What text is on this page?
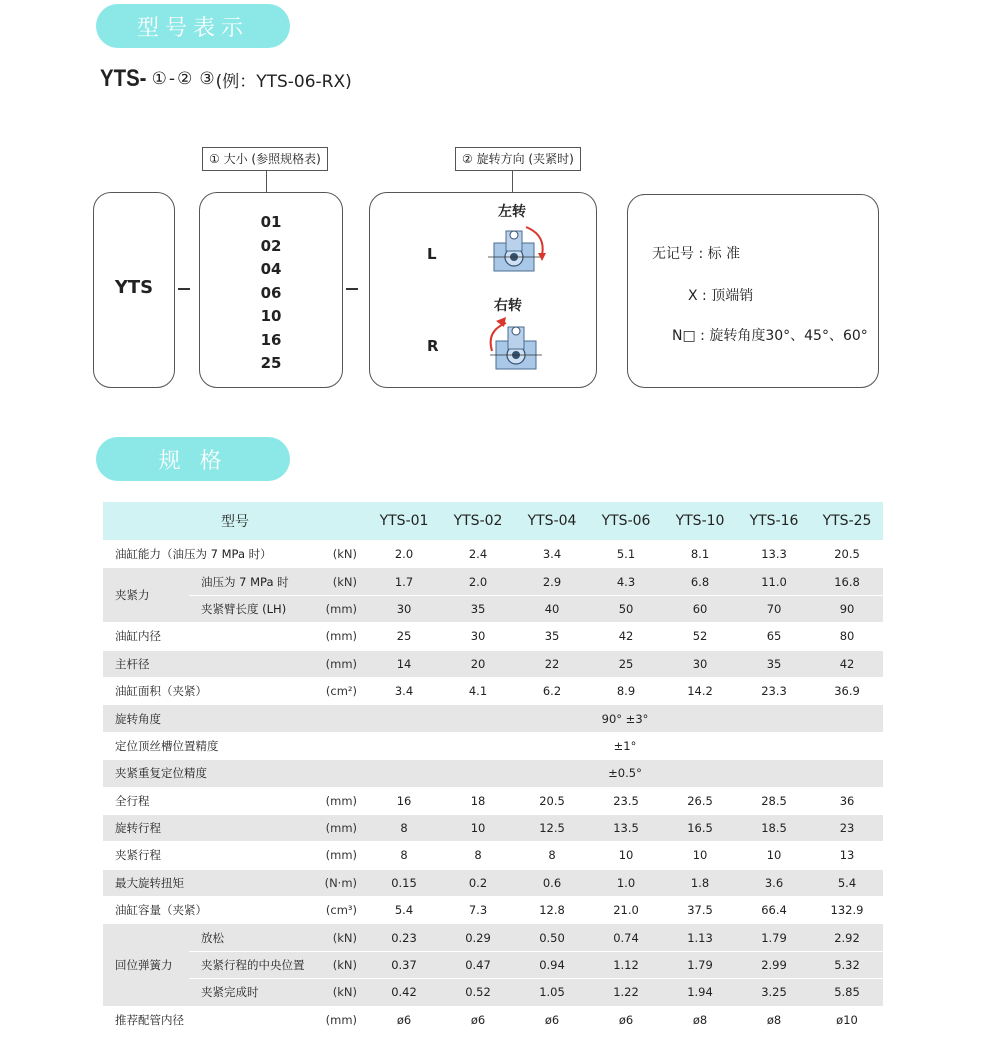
型号表示
YTS- ① - ② ③ (例：YTS-06-RX)
YTS
① 大小 (参照规格表)
01
02
04
06
10
16
25
② 旋转方向 (夹紧时)
左转
L
右转
R
无记号 : 标 准
X : 顶端销
N□ : 旋转角度30°、45°、60°
规 格
型号			YTS-01	YTS-02	YTS-04	YTS-06	YTS-10	YTS-16	YTS-25
油缸能力（油压为 7 MPa 时）		(kN)	2.0	2.4	3.4	5.1	8.1	13.3	20.5
夹紧力	油压为 7 MPa 时	(kN)	1.7	2.0	2.9	4.3	6.8	11.0	16.8
	夹紧臂长度 (LH)	(mm)	30	35	40	50	60	70	90
油缸内径		(mm)	25	30	35	42	52	65	80
主杆径		(mm)	14	20	22	25	30	35	42
油缸面积（夹紧）		(cm²)	3.4	4.1	6.2	8.9	14.2	23.3	36.9
旋转角度			90° ±3°						
定位顶丝槽位置精度			±1°						
夹紧重复定位精度			±0.5°						
全行程		(mm)	16	18	20.5	23.5	26.5	28.5	36
旋转行程		(mm)	8	10	12.5	13.5	16.5	18.5	23
夹紧行程		(mm)	8	8	8	10	10	10	13
最大旋转扭矩		(N·m)	0.15	0.2	0.6	1.0	1.8	3.6	5.4
油缸容量（夹紧）		(cm³)	5.4	7.3	12.8	21.0	37.5	66.4	132.9
回位弹簧力	放松	(kN)	0.23	0.29	0.50	0.74	1.13	1.79	2.92
	夹紧行程的中央位置	(kN)	0.37	0.47	0.94	1.12	1.79	2.99	5.32
	夹紧完成时	(kN)	0.42	0.52	1.05	1.22	1.94	3.25	5.85
推荐配管内径		(mm)	ø6	ø6	ø6	ø6	ø8	ø8	ø10
